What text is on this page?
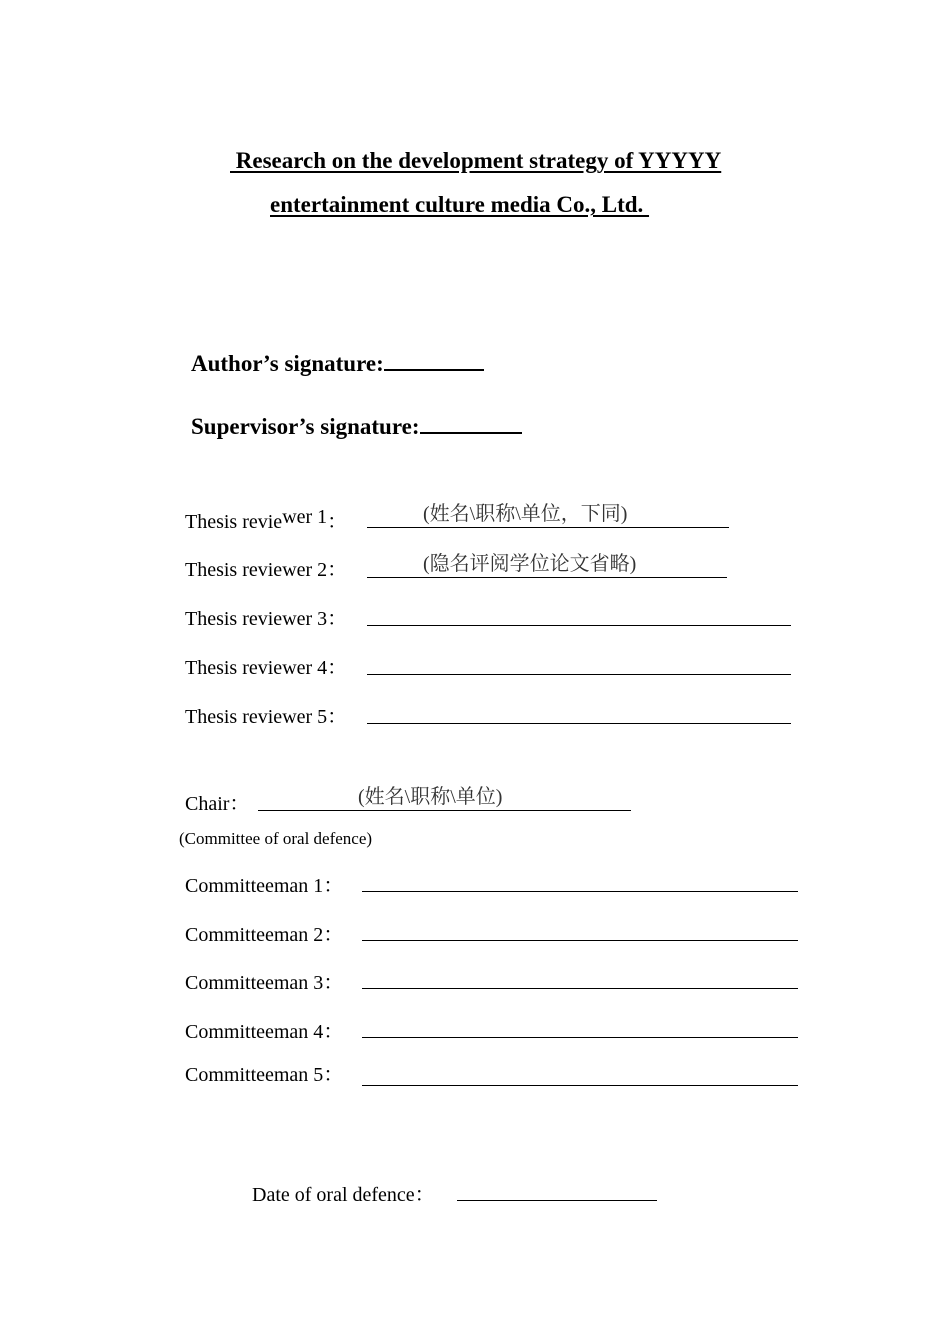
Research on the development strategy of YYYYY
entertainment culture media Co., Ltd.
Author’s signature:
Supervisor’s signature:
Thesis reviewer 1：

	(姓名\职称\单位，下同)

Thesis reviewer 2：

	(隐名评阅学位论文省略)

Thesis reviewer 3：
Thesis reviewer 4：
Thesis reviewer 5：
Chair：

	(姓名\职称\单位)

(Committee of oral defence)
Committeeman 1：
Committeeman 2：
Committeeman 3：
Committeeman 4：
Committeeman 5：
Date of oral defence：
